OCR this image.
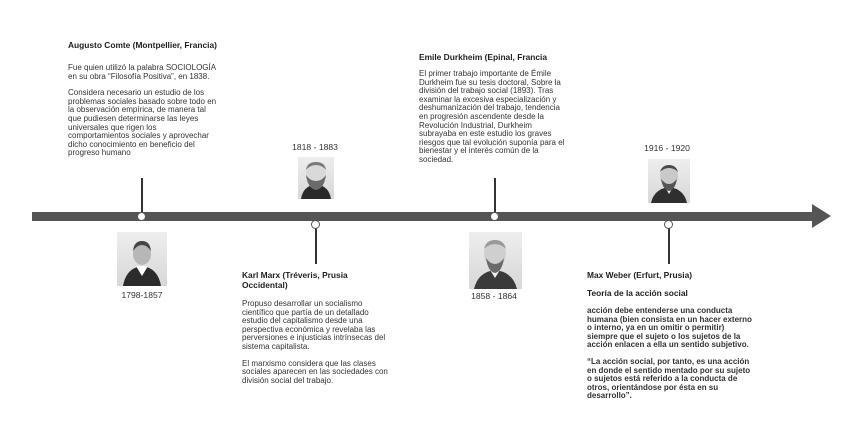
Augusto Comte (Montpellier, Francia)

Fue quien utilizó la palabra SOCIOLOGÍA en su obra “Filosofía Positiva”, en 1838.

Considera necesario un estudio de los problemas sociales basado sobre todo en la observación empírica, de manera tal que pudiesen determinarse las leyes universales que rigen los comportamientos sociales y aprovechar dicho conocimiento en beneficio del progreso humano

1798-1857
1818 - 1883
Karl Marx (Tréveris, Prusia Occidental)

Propuso desarrollar un socialismo científico que partía de un detallado estudio del capitalismo desde una perspectiva económica y revelaba las perversiones e injusticias intrínsecas del sistema capitalista.

El marxismo considera que las clases sociales aparecen en las sociedades con división social del trabajo.

Emile Durkheim (Epinal, Francia

El primer trabajo importante de Émile Durkheim fue su tesis doctoral, Sobre la división del trabajo social (1893). Tras examinar la excesiva especialización y deshumanización del trabajo, tendencia en progresión ascendente desde la Revolución Industrial, Durkheim subrayaba en este estudio los graves riesgos que tal evolución suponía para el bienestar y el interés común de la sociedad.

1858 - 1864
1916 - 1920
Max Weber (Erfurt, Prusia)
Teoría de la acción social

acción debe entenderse una conducta humana (bien consista en un hacer externo o interno, ya en un omitir o permitir) siempre que el sujeto o los sujetos de la acción enlacen a ella un sentido subjetivo.

“La acción social, por tanto, es una acción en donde el sentido mentado por su sujeto o sujetos está referido a la conducta de otros, orientándose por ésta en su desarrollo”.
